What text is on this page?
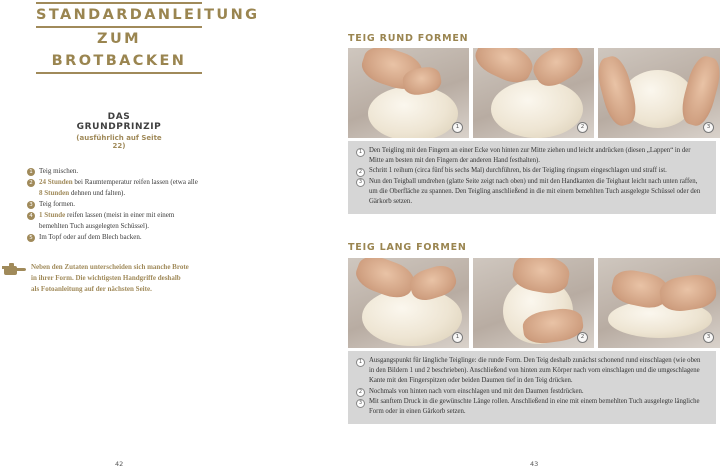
STANDARDANLEITUNG
ZUM BROTBACKEN
DAS GRUNDPRINZIP
(ausführlich auf Seite 22)
1 Teig mischen.
2 24 Stunden bei Raumtemperatur reifen lassen (etwa alle 8 Stunden dehnen und falten).
3 Teig formen.
4 1 Stunde reifen lassen (meist in einer mit einem bemehlten Tuch ausgelegten Schüssel).
5 Im Topf oder auf dem Blech backen.
Neben den Zutaten unterscheiden sich manche Brote in ihrer Form. Die wichtigsten Handgriffe deshalb als Fotoanleitung auf der nächsten Seite.
42
TEIG RUND FORMEN
1	2	3
1	Den Teigling mit den Fingern an einer Ecke von hinten zur Mitte ziehen und leicht andrücken (diesen „Lappen“ in der Mitte am besten mit den Fingern der anderen Hand festhalten).
2	Schritt 1 reihum (circa fünf bis sechs Mal) durchführen, bis der Teigling ringsum eingeschlagen und straff ist.
3	Nun den Teigball umdrehen (glatte Seite zeigt nach oben) und mit den Handkanten die Teighaut leicht nach unten raffen, um die Oberfläche zu spannen. Den Teigling anschließend in die mit einem bemehlten Tuch ausgelegte Schüssel oder den Gärkorb setzen.
TEIG LANG FORMEN
1	2	3
1	Ausgangspunkt für längliche Teiglinge: die runde Form. Den Teig deshalb zunächst schonend rund einschlagen (wie oben in den Bildern 1 und 2 beschrieben). Anschließend von hinten zum Körper nach vorn einschlagen und die umgeschlagene Kante mit den Fingerspitzen oder beiden Daumen tief in den Teig drücken.
2	Nochmals von hinten nach vorn einschlagen und mit den Daumen festdrücken.
3	Mit sanftem Druck in die gewünschte Länge rollen. Anschließend in eine mit einem bemehlten Tuch ausgelegte längliche Form oder in einen Gärkorb setzen.
43
